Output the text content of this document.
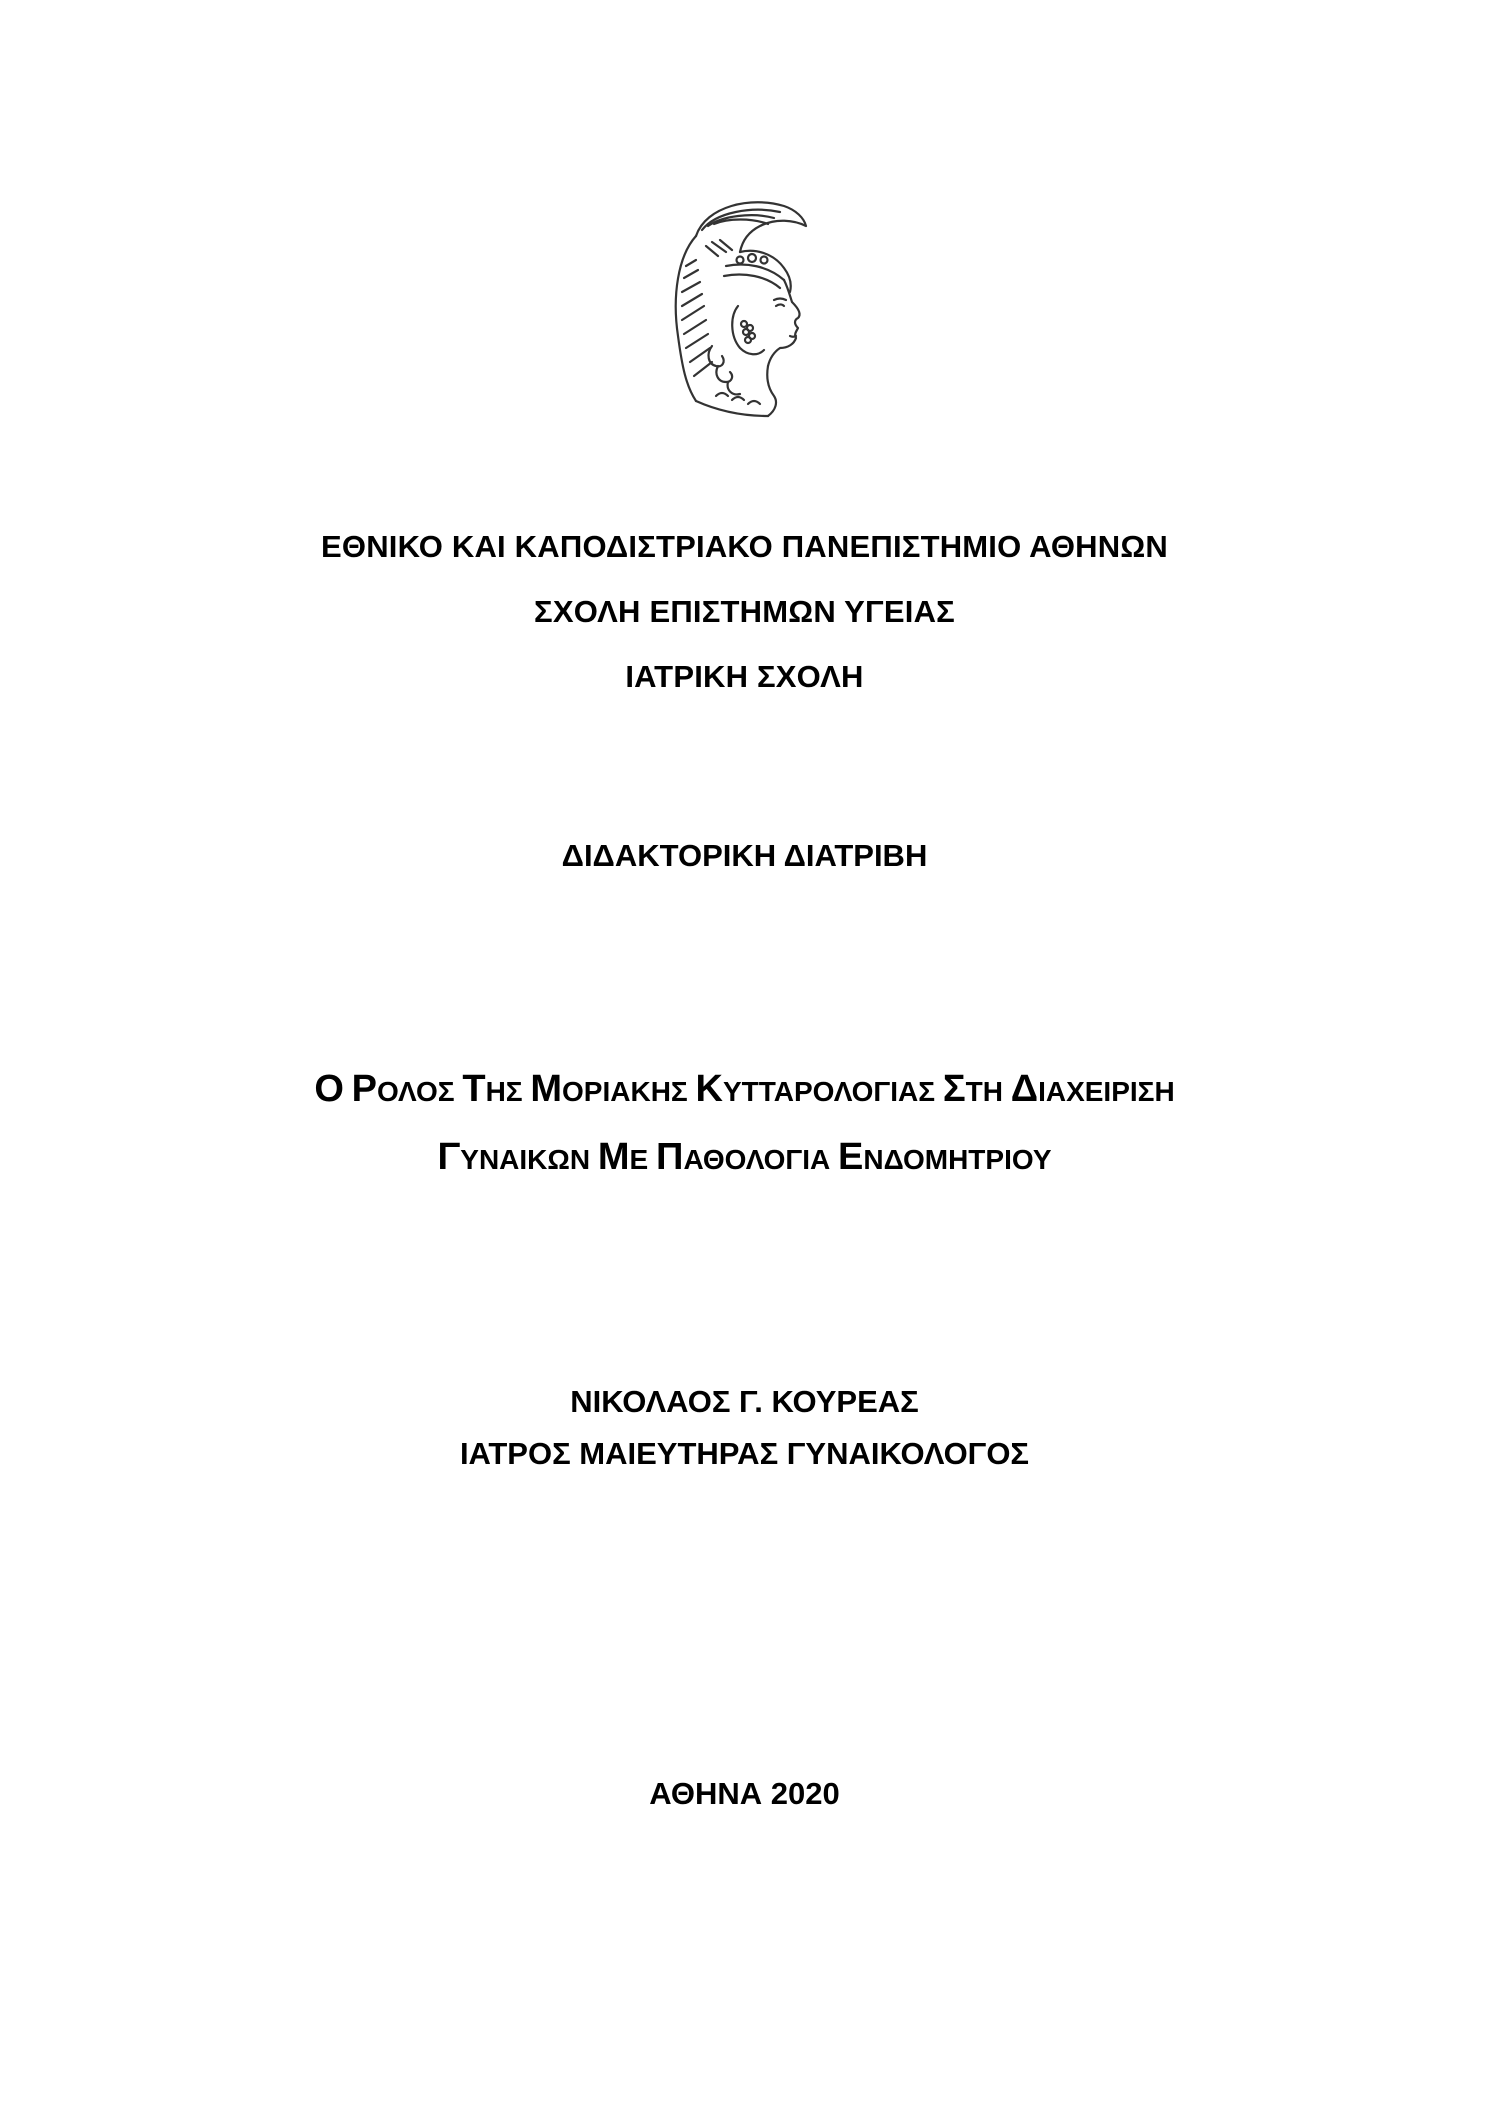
ΕΘΝΙΚΟ ΚΑΙ ΚΑΠΟΔΙΣΤΡΙΑΚΟ ΠΑΝΕΠΙΣΤΗΜΙΟ ΑΘΗΝΩΝ
ΣΧΟΛΗ ΕΠΙΣΤΗΜΩΝ ΥΓΕΙΑΣ
ΙΑΤΡΙΚΗ ΣΧΟΛΗ
ΔΙΔΑΚΤΟΡΙΚΗ ΔΙΑΤΡΙΒΗ
Ο ΡΟΛΟΣ ΤΗΣ ΜΟΡΙΑΚΗΣ ΚΥΤΤΑΡΟΛΟΓΙΑΣ ΣΤΗ ΔΙΑΧΕΙΡΙΣΗ
ΓΥΝΑΙΚΩΝ ΜΕ ΠΑΘΟΛΟΓΙΑ ΕΝΔΟΜΗΤΡΙΟΥ
ΝΙΚΟΛΑΟΣ Γ. ΚΟΥΡΕΑΣ
ΙΑΤΡΟΣ ΜΑΙΕΥΤΗΡΑΣ ΓΥΝΑΙΚΟΛΟΓΟΣ
ΑΘΗΝΑ 2020
